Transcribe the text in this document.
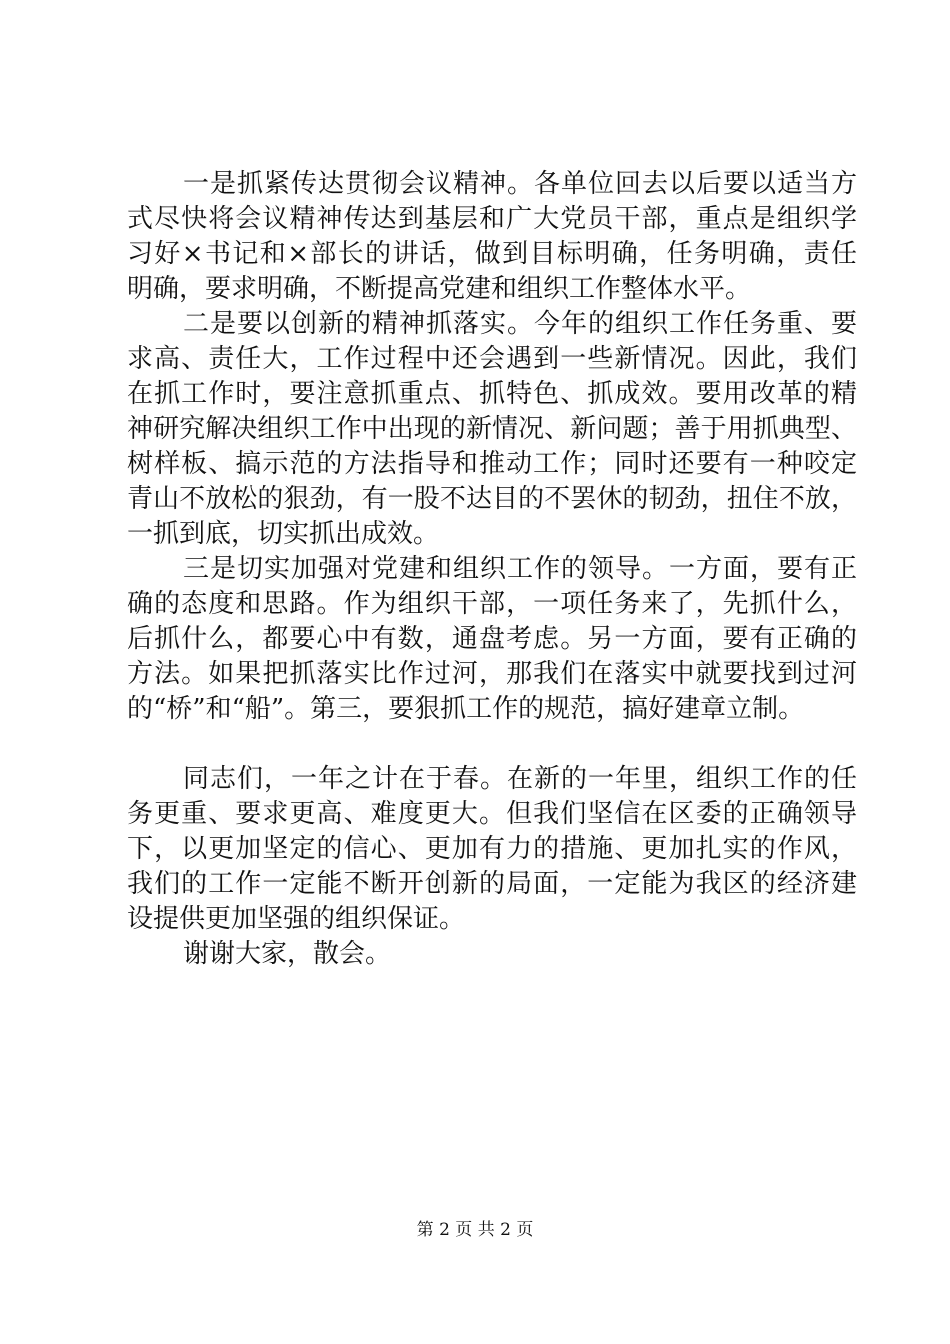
一是抓紧传达贯彻会议精神。各单位回去以后要以适当方
式尽快将会议精神传达到基层和广大党员干部，重点是组织学
习好×书记和×部长的讲话，做到目标明确，任务明确，责任
明确，要求明确，不断提高党建和组织工作整体水平。
二是要以创新的精神抓落实。今年的组织工作任务重、要
求高、责任大，工作过程中还会遇到一些新情况。因此，我们
在抓工作时，要注意抓重点、抓特色、抓成效。要用改革的精
神研究解决组织工作中出现的新情况、新问题；善于用抓典型、
树样板、搞示范的方法指导和推动工作；同时还要有一种咬定
青山不放松的狠劲，有一股不达目的不罢休的韧劲，扭住不放，
一抓到底，切实抓出成效。
三是切实加强对党建和组织工作的领导。一方面，要有正
确的态度和思路。作为组织干部，一项任务来了，先抓什么，
后抓什么，都要心中有数，通盘考虑。另一方面，要有正确的
方法。如果把抓落实比作过河，那我们在落实中就要找到过河
的“桥”和“船”。第三，要狠抓工作的规范，搞好建章立制。
同志们，一年之计在于春。在新的一年里，组织工作的任
务更重、要求更高、难度更大。但我们坚信在区委的正确领导
下，以更加坚定的信心、更加有力的措施、更加扎实的作风，
我们的工作一定能不断开创新的局面，一定能为我区的经济建
设提供更加坚强的组织保证。
谢谢大家，散会。
第 2 页 共 2 页
